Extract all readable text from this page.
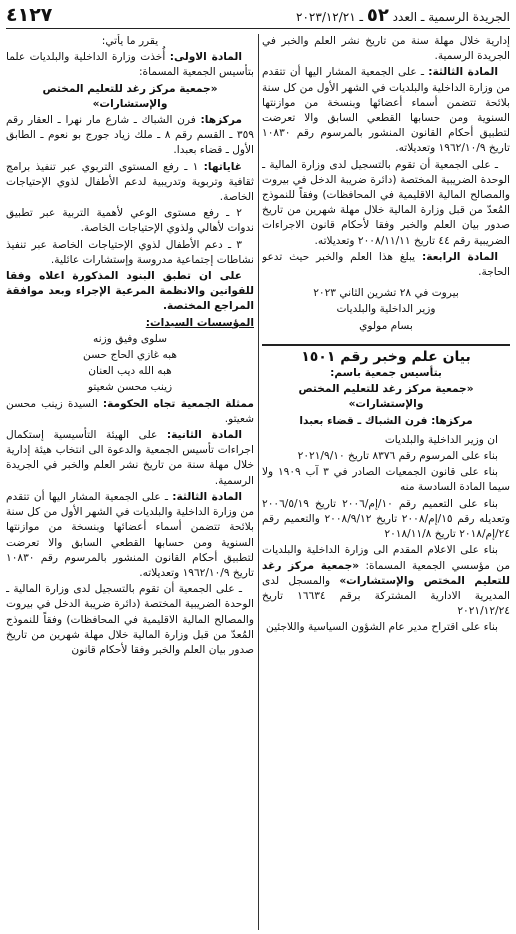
٤١٢٧	الجريدة الرسمية ـ العدد ٥٢ ـ ٢٠٢٣/١٢/٢١

إدارية خلال مهلة سنة من تاريخ نشر العلم والخبر في الجريدة الرسمية.

المادة الثالثة: ـ على الجمعية المشار اليها أن تتقدم من وزارة الداخلية والبلديات في الشهر الأول من كل سنة بلائحة تتضمن أسماء أعضائها وبنسخة من موازنتها السنوية ومن حسابها القطعي السابق والا تعرضت لتطبيق أحكام القانون المنشور بالمرسوم رقم ١٠٨٣٠ تاريخ ١٩٦٢/١٠/٩ وتعديلاته.

ـ على الجمعية أن تقوم بالتسجيل لدى وزارة المالية ـ الوحدة الضريبية المختصة (دائرة ضريبة الدخل في بيروت والمصالح المالية الاقليمية في المحافظات) وفقاً للنموذج المُعدّ من قبل وزارة المالية خلال مهلة شهرين من تاريخ صدور بيان العلم والخبر وفقا لأحكام قانون الاجراءات الضريبية رقم ٤٤ تاريخ ٢٠٠٨/١١/١١ وتعديلاته.

المادة الرابعة: يبلغ هذا العلم والخبر حيث تدعو الحاجة.

بيروت في ٢٨ تشرين الثاني ٢٠٢٣

وزير الداخلية والبلديات

بسام مولوي

بيان علم وخبر رقم ١٥٠١

بتأسيس جمعية باسم:

«جمعية مركز رغد للتعليم المختص والإستشارات»

مركزها: فرن الشباك ـ قضاء بعبدا

ان وزير الداخلية والبلديات

بناء على المرسوم رقم ٨٣٧٦ تاريخ ٢٠٢١/٩/١٠

بناء على قانون الجمعيات الصادر في ٣ آب ١٩٠٩ ولا سيما المادة السادسة منه

بناء على التعميم رقم ١٠/إم/٢٠٠٦ تاريخ ٢٠٠٦/٥/١٩ وتعديله رقم ١٥/إم/٢٠٠٨ تاريخ ٢٠٠٨/٩/١٢ والتعميم رقم ٢٤/إم/٢٠١٨ تاريخ ٢٠١٨/١١/٨

بناء على الاعلام المقدم الى وزارة الداخلية والبلديات من مؤسسي الجمعية المسماة: «جمعية مركز رغد للتعليم المختص والإستشارات» والمسجل لدى المديرية الادارية المشتركة برقم ١٦٦٣٤ تاريخ ٢٠٢١/١٢/٢٤

بناء على اقتراح مدير عام الشؤون السياسية واللاجئين

يقرر ما يأتي:

المادة الاولى: أُخذت وزارة الداخلية والبلديات علما بتأسيس الجمعية المسماة:

«جمعية مركز رغد للتعليم المختص والإستشارات»

مركزها: فرن الشباك ـ شارع مار نهرا ـ العقار رقم ٣٥٩ ـ القسم رقم ٨ ـ ملك زياد جورج بو نعوم ـ الطابق الأول ـ قضاء بعبدا.

غاياتها: ١ ـ رفع المستوى التربوي عبر تنفيذ برامج ثقافية وتربوية وتدريبية لدعم الأطفال لذوي الإحتياجات الخاصة.

٢ ـ رفع مستوى الوعي لأهمية التربية عبر تطبيق ندوات لأهالي ولذوي الإحتياجات الخاصة.

٣ ـ دعم الأطفال لذوي الإحتياجات الخاصة عبر تنفيذ نشاطات إجتماعية مدروسة وإستشارات عائلية.

على ان تطبق البنود المذكورة اعلاه وفقا للقوانين والانظمة المرعية الإجراء وبعد موافقة المراجع المختصة.

المؤسسات السيدات:

سلوى وفيق وزنه

هبه غازي الحاج حسن

هبه الله ديب العنان

زينب محسن شعيتو

ممثلة الجمعية تجاه الحكومة: السيدة زينب محسن شعيتو.

المادة الثانية: على الهيئة التأسيسية إستكمال اجراءات تأسيس الجمعية والدعوة الى انتخاب هيئة إدارية خلال مهلة سنة من تاريخ نشر العلم والخبر في الجريدة الرسمية.

المادة الثالثة: ـ على الجمعية المشار اليها أن تتقدم من وزارة الداخلية والبلديات في الشهر الأول من كل سنة بلائحة تتضمن أسماء أعضائها وبنسخة من موازنتها السنوية ومن حسابها القطعي السابق والا تعرضت لتطبيق أحكام القانون المنشور بالمرسوم رقم ١٠٨٣٠ تاريخ ١٩٦٢/١٠/٩ وتعديلاته.

ـ على الجمعية أن تقوم بالتسجيل لدى وزارة المالية ـ الوحدة الضريبية المختصة (دائرة ضريبة الدخل في بيروت والمصالح المالية الاقليمية في المحافظات) وفقاً للنموذج المُعدّ من قبل وزارة المالية خلال مهلة شهرين من تاريخ صدور بيان العلم والخبر وفقا لأحكام قانون
